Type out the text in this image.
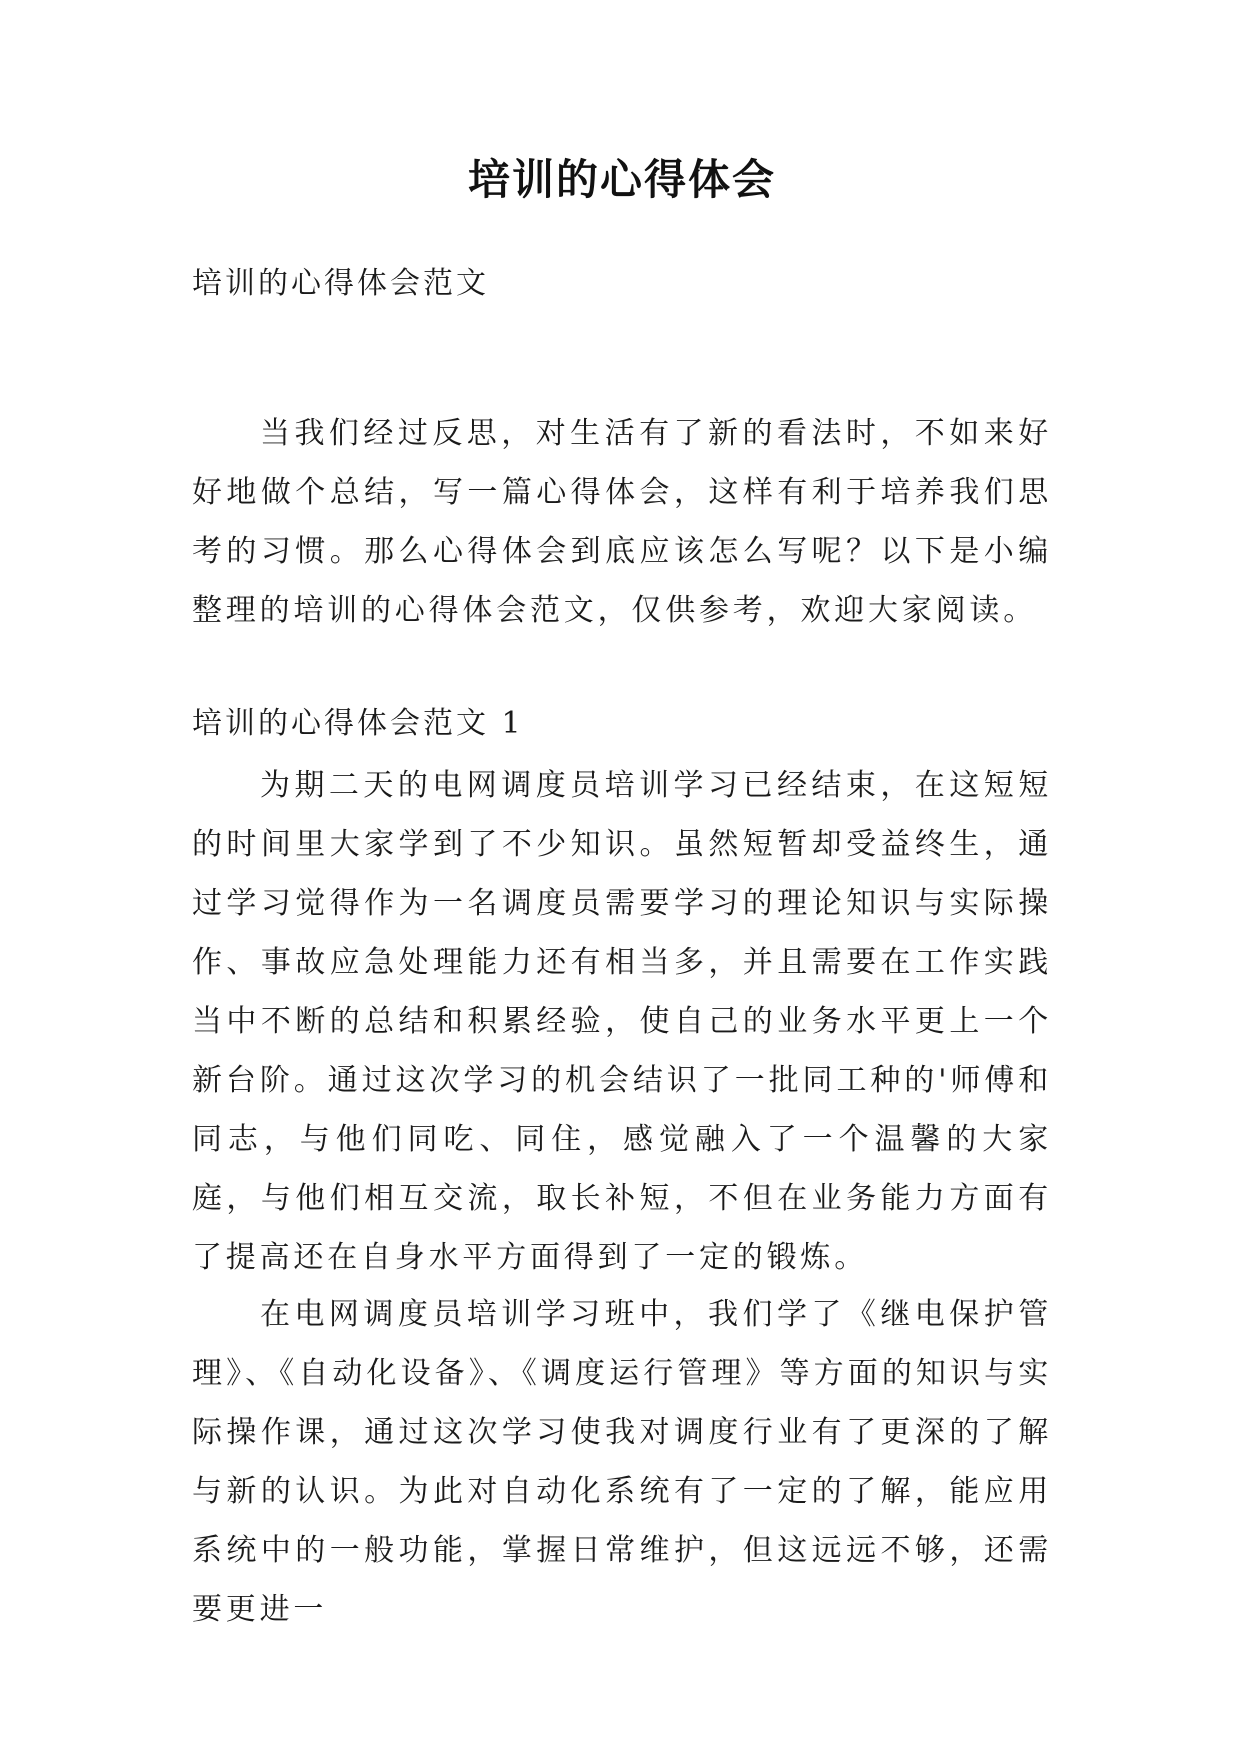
培训的心得体会
培训的心得体会范文

当我们经过反思，对生活有了新的看法时，不如来好好地做个总结，写一篇心得体会，这样有利于培养我们思考的习惯。那么心得体会到底应该怎么写呢？以下是小编整理的培训的心得体会范文，仅供参考，欢迎大家阅读。

培训的心得体会范文 1

为期二天的电网调度员培训学习已经结束，在这短短的时间里大家学到了不少知识。虽然短暂却受益终生，通过学习觉得作为一名调度员需要学习的理论知识与实际操作、事故应急处理能力还有相当多，并且需要在工作实践当中不断的总结和积累经验，使自己的业务水平更上一个新台阶。通过这次学习的机会结识了一批同工种的'师傅和同志，与他们同吃、同住，感觉融入了一个温馨的大家庭，与他们相互交流，取长补短，不但在业务能力方面有了提高还在自身水平方面得到了一定的锻炼。

在电网调度员培训学习班中，我们学了《继电保护管理》、《自动化设备》、《调度运行管理》等方面的知识与实际操作课，通过这次学习使我对调度行业有了更深的了解与新的认识。为此对自动化系统有了一定的了解，能应用系统中的一般功能，掌握日常维护，但这远远不够，还需要更进一
